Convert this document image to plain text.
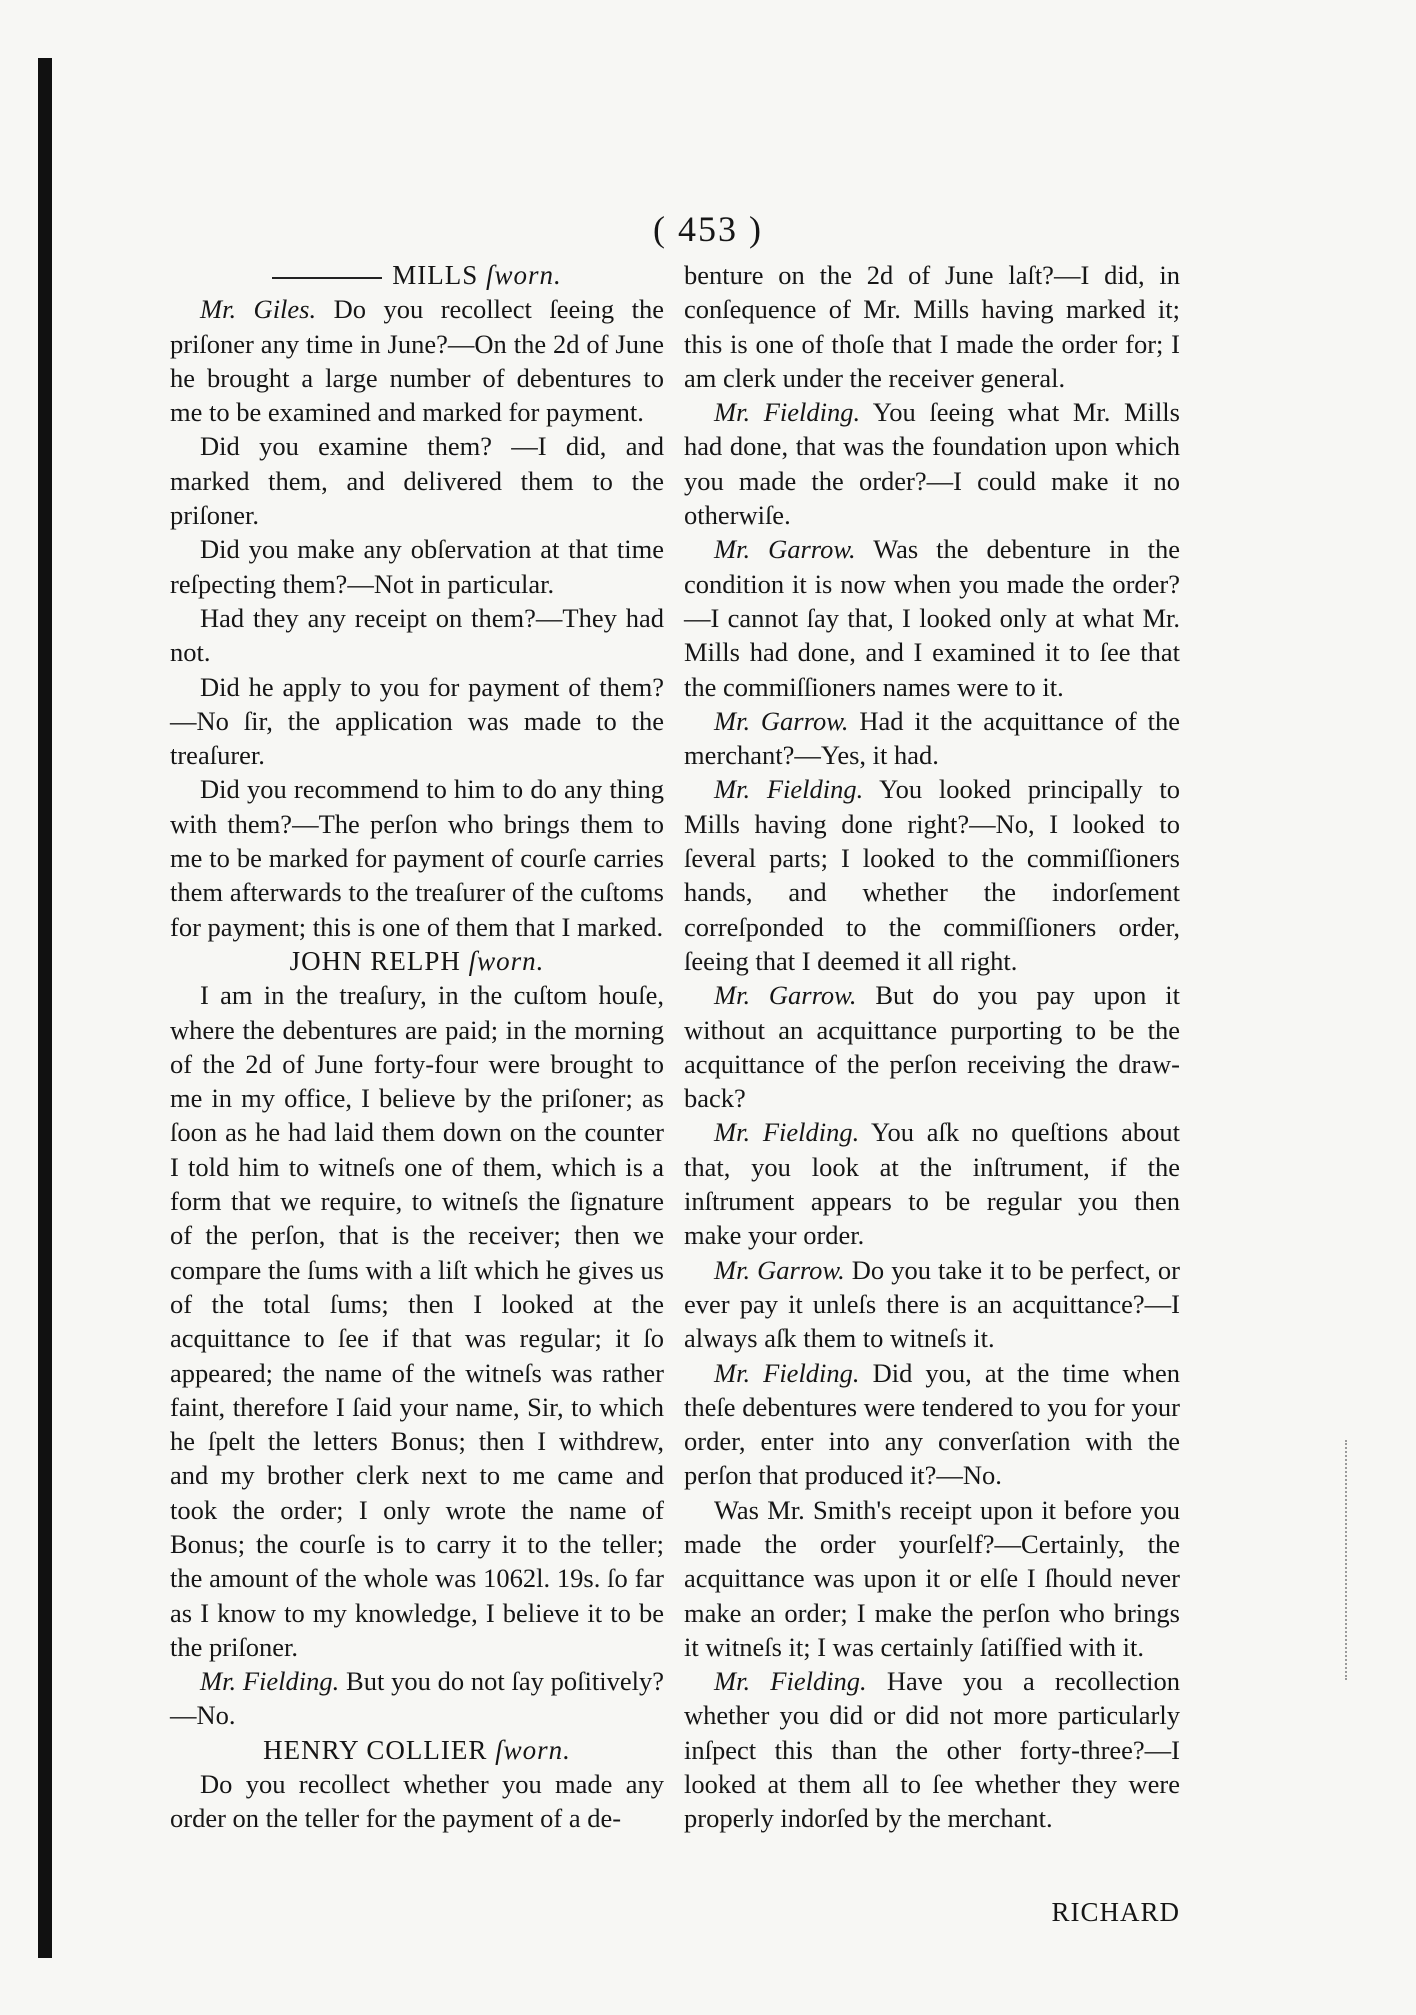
( 453 )

MILLS ſworn.

Mr. Giles. Do you recollect ſeeing the priſoner any time in June?—On the 2d of June he brought a large number of debentures to me to be examined and marked for payment.

Did you examine them? —I did, and marked them, and delivered them to the priſoner.

Did you make any obſervation at that time reſpecting them?—Not in particular.

Had they any receipt on them?—They had not.

Did he apply to you for payment of them?—No ſir, the application was made to the treaſurer.

Did you recommend to him to do any thing with them?—The perſon who brings them to me to be marked for payment of courſe carries them afterwards to the treaſurer of the cuſtoms for payment; this is one of them that I marked.

JOHN RELPH ſworn.

I am in the treaſury, in the cuſtom houſe, where the debentures are paid; in the morning of the 2d of June forty-four were brought to me in my office, I believe by the priſoner; as ſoon as he had laid them down on the counter I told him to witneſs one of them, which is a form that we require, to witneſs the ſignature of the perſon, that is the receiver; then we compare the ſums with a liſt which he gives us of the total ſums; then I looked at the acquittance to ſee if that was regular; it ſo appeared; the name of the witneſs was rather faint, therefore I ſaid your name, Sir, to which he ſpelt the letters Bonus; then I withdrew, and my brother clerk next to me came and took the order; I only wrote the name of Bonus; the courſe is to carry it to the teller; the amount of the whole was 1062l. 19s. ſo far as I know to my knowledge, I believe it to be the priſoner.

Mr. Fielding. But you do not ſay poſitively?—No.

HENRY COLLIER ſworn.

Do you recollect whether you made any order on the teller for the payment of a de-

benture on the 2d of June laſt?—I did, in conſequence of Mr. Mills having marked it; this is one of thoſe that I made the order for; I am clerk under the receiver general.

Mr. Fielding. You ſeeing what Mr. Mills had done, that was the foundation upon which you made the order?—I could make it no otherwiſe.

Mr. Garrow. Was the debenture in the condition it is now when you made the order?—I cannot ſay that, I looked only at what Mr. Mills had done, and I examined it to ſee that the commiſſioners names were to it.

Mr. Garrow. Had it the acquittance of the merchant?—Yes, it had.

Mr. Fielding. You looked principally to Mills having done right?—No, I looked to ſeveral parts; I looked to the commiſſioners hands, and whether the indorſement correſponded to the commiſſioners order, ſeeing that I deemed it all right.

Mr. Garrow. But do you pay upon it without an acquittance purporting to be the acquittance of the perſon receiving the draw-back?

Mr. Fielding. You aſk no queſtions about that, you look at the inſtrument, if the inſtrument appears to be regular you then make your order.

Mr. Garrow. Do you take it to be perfect, or ever pay it unleſs there is an acquittance?—I always aſk them to witneſs it.

Mr. Fielding. Did you, at the time when theſe debentures were tendered to you for your order, enter into any converſation with the perſon that produced it?—No.

Was Mr. Smith's receipt upon it before you made the order yourſelf?—Certainly, the acquittance was upon it or elſe I ſhould never make an order; I make the perſon who brings it witneſs it; I was certainly ſatiſfied with it.

Mr. Fielding. Have you a recollection whether you did or did not more particularly inſpect this than the other forty-three?—I looked at them all to ſee whether they were properly indorſed by the merchant.

RICHARD
